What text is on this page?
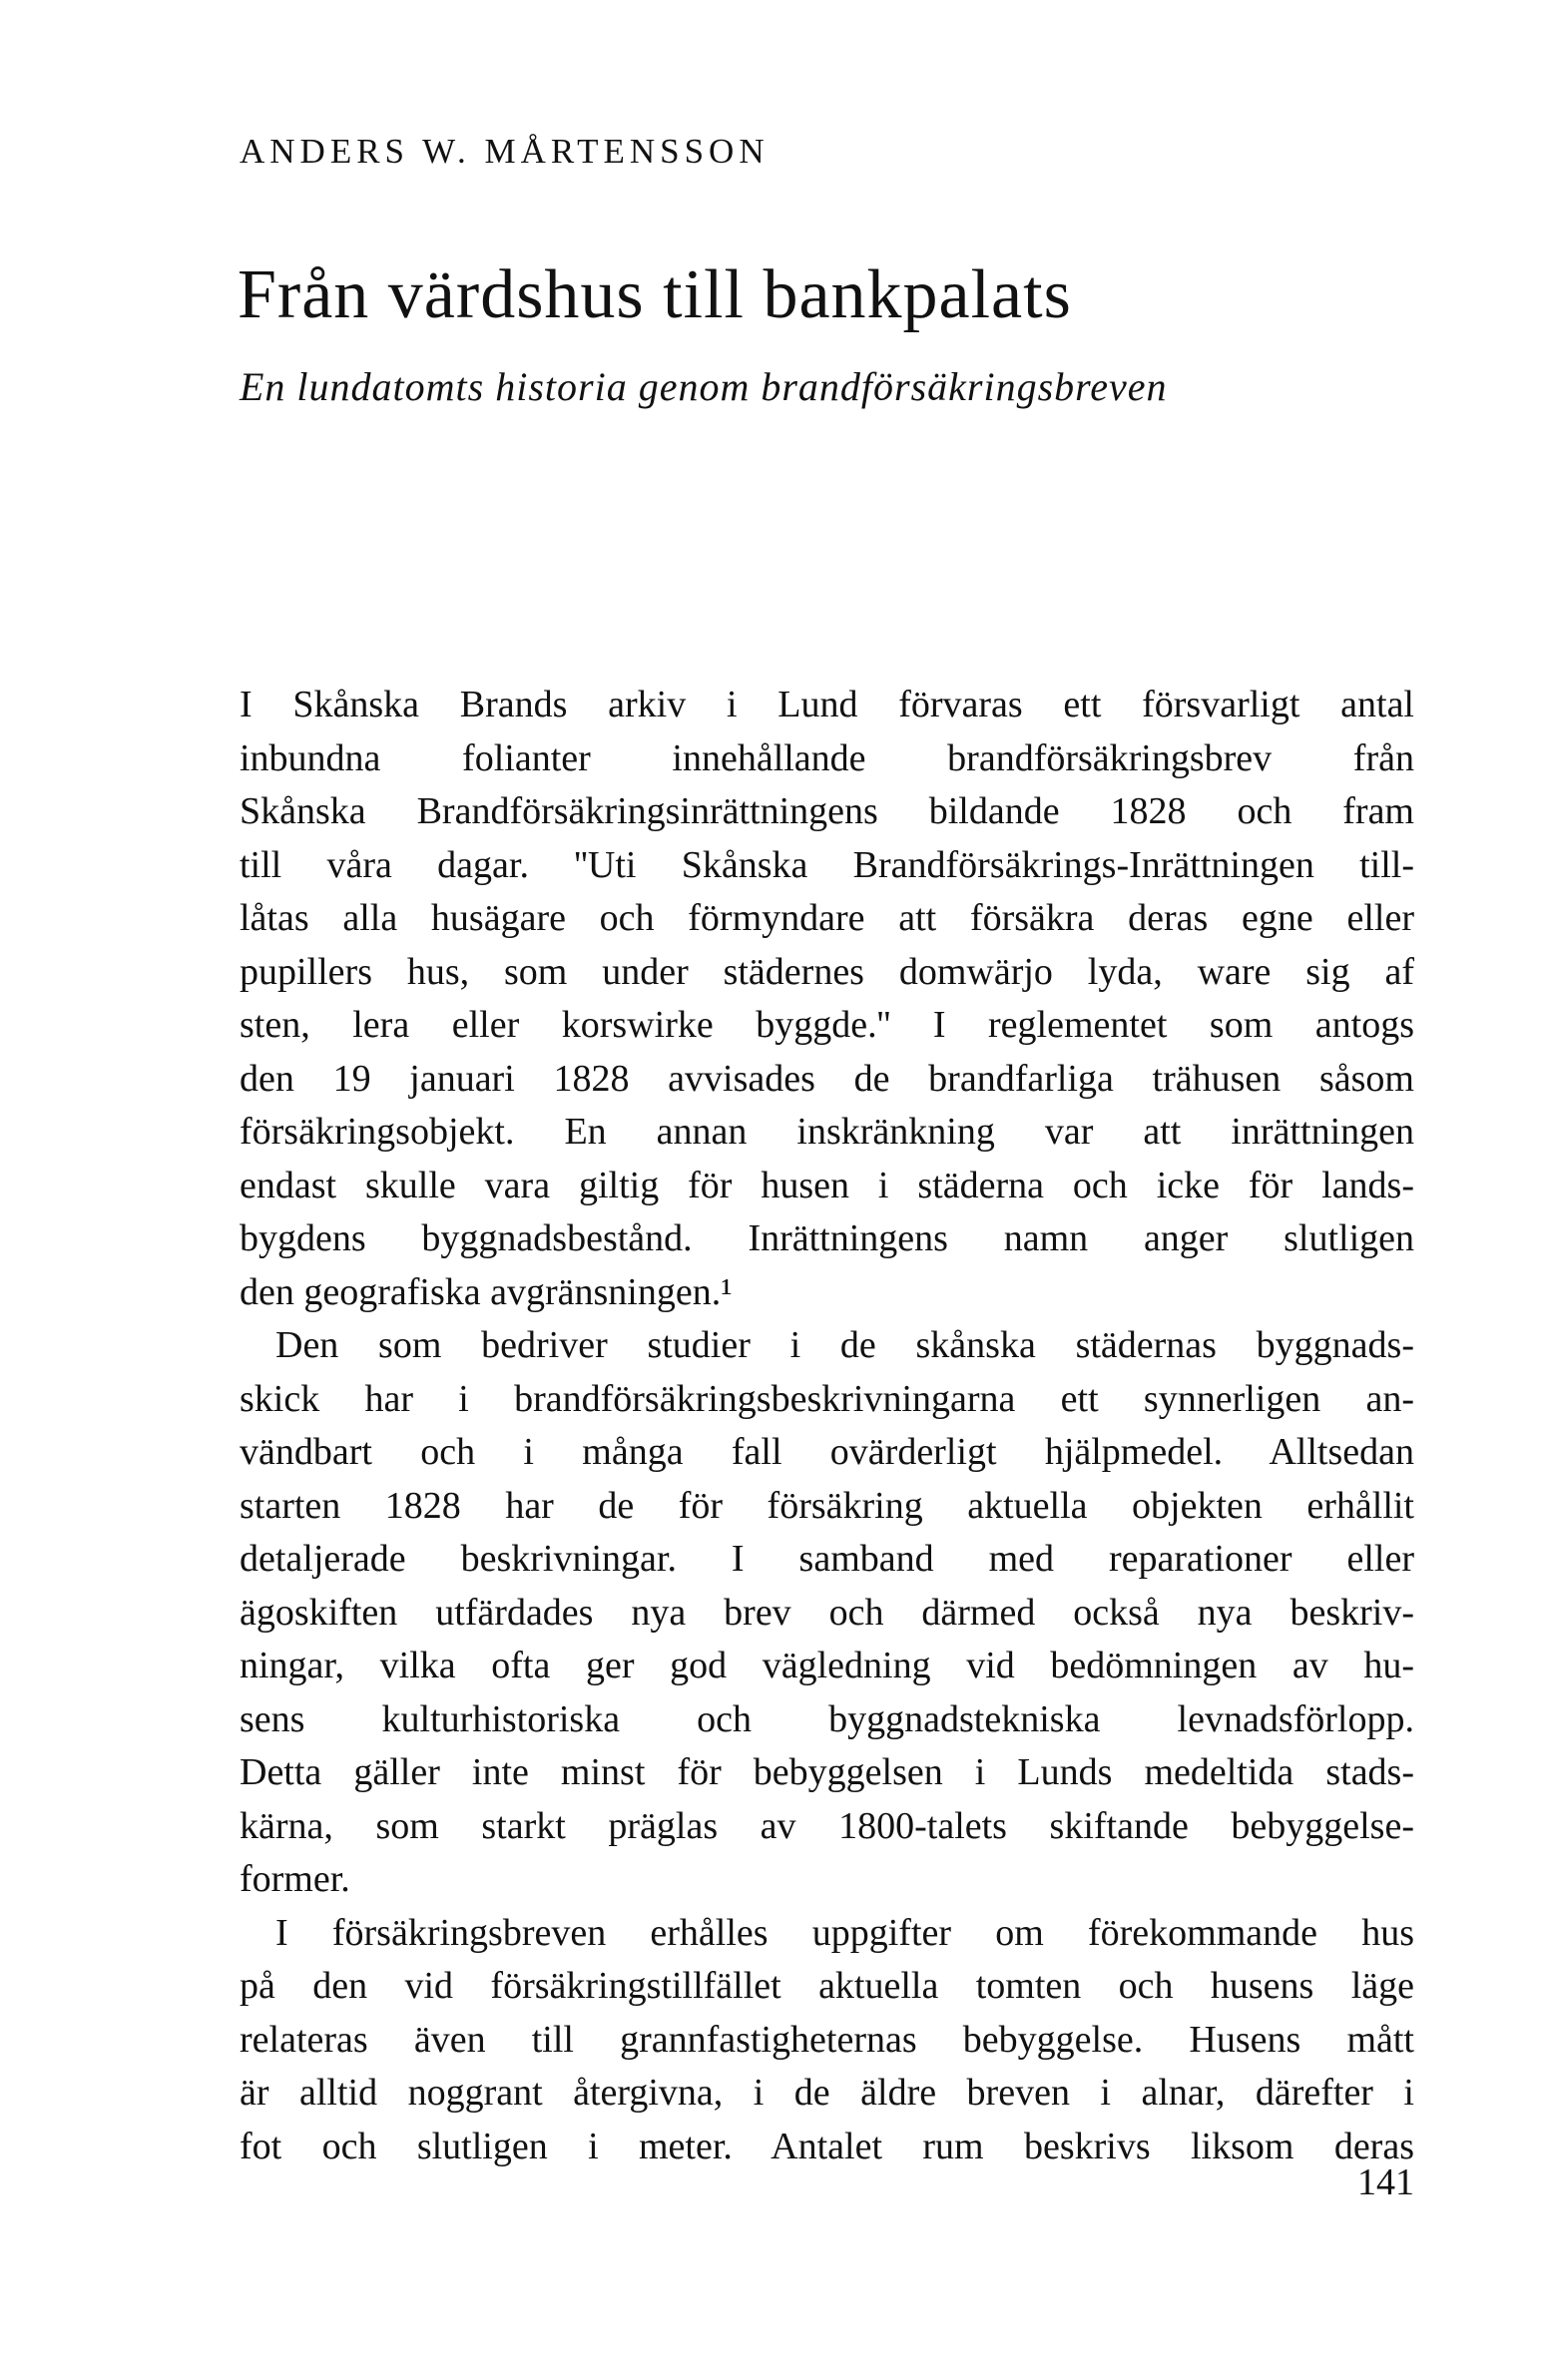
ANDERS W. MÅRTENSSON
Från värdshus till bankpalats
En lundatomts historia genom brandförsäkringsbreven
I Skånska Brands arkiv i Lund förvaras ett försvarligt antal
inbundna folianter innehållande brandförsäkringsbrev från
Skånska Brandförsäkringsinrättningens bildande 1828 och fram
till våra dagar. ''Uti Skånska Brandförsäkrings-Inrättningen till-
låtas alla husägare och förmyndare att försäkra deras egne eller
pupillers hus, som under städernes domwärjo lyda, ware sig af
sten, lera eller korswirke byggde.'' I reglementet som antogs
den 19 januari 1828 avvisades de brandfarliga trähusen såsom
försäkringsobjekt. En annan inskränkning var att inrättningen
endast skulle vara giltig för husen i städerna och icke för lands-
bygdens byggnadsbestånd. Inrättningens namn anger slutligen
den geografiska avgränsningen.¹
Den som bedriver studier i de skånska städernas byggnads-
skick har i brandförsäkringsbeskrivningarna ett synnerligen an-
vändbart och i många fall ovärderligt hjälpmedel. Alltsedan
starten 1828 har de för försäkring aktuella objekten erhållit
detaljerade beskrivningar. I samband med reparationer eller
ägoskiften utfärdades nya brev och därmed också nya beskriv-
ningar, vilka ofta ger god vägledning vid bedömningen av hu-
sens kulturhistoriska och byggnadstekniska levnadsförlopp.
Detta gäller inte minst för bebyggelsen i Lunds medeltida stads-
kärna, som starkt präglas av 1800-talets skiftande bebyggelse-
former.
I försäkringsbreven erhålles uppgifter om förekommande hus
på den vid försäkringstillfället aktuella tomten och husens läge
relateras även till grannfastigheternas bebyggelse. Husens mått
är alltid noggrant återgivna, i de äldre breven i alnar, därefter i
fot och slutligen i meter. Antalet rum beskrivs liksom deras
141
